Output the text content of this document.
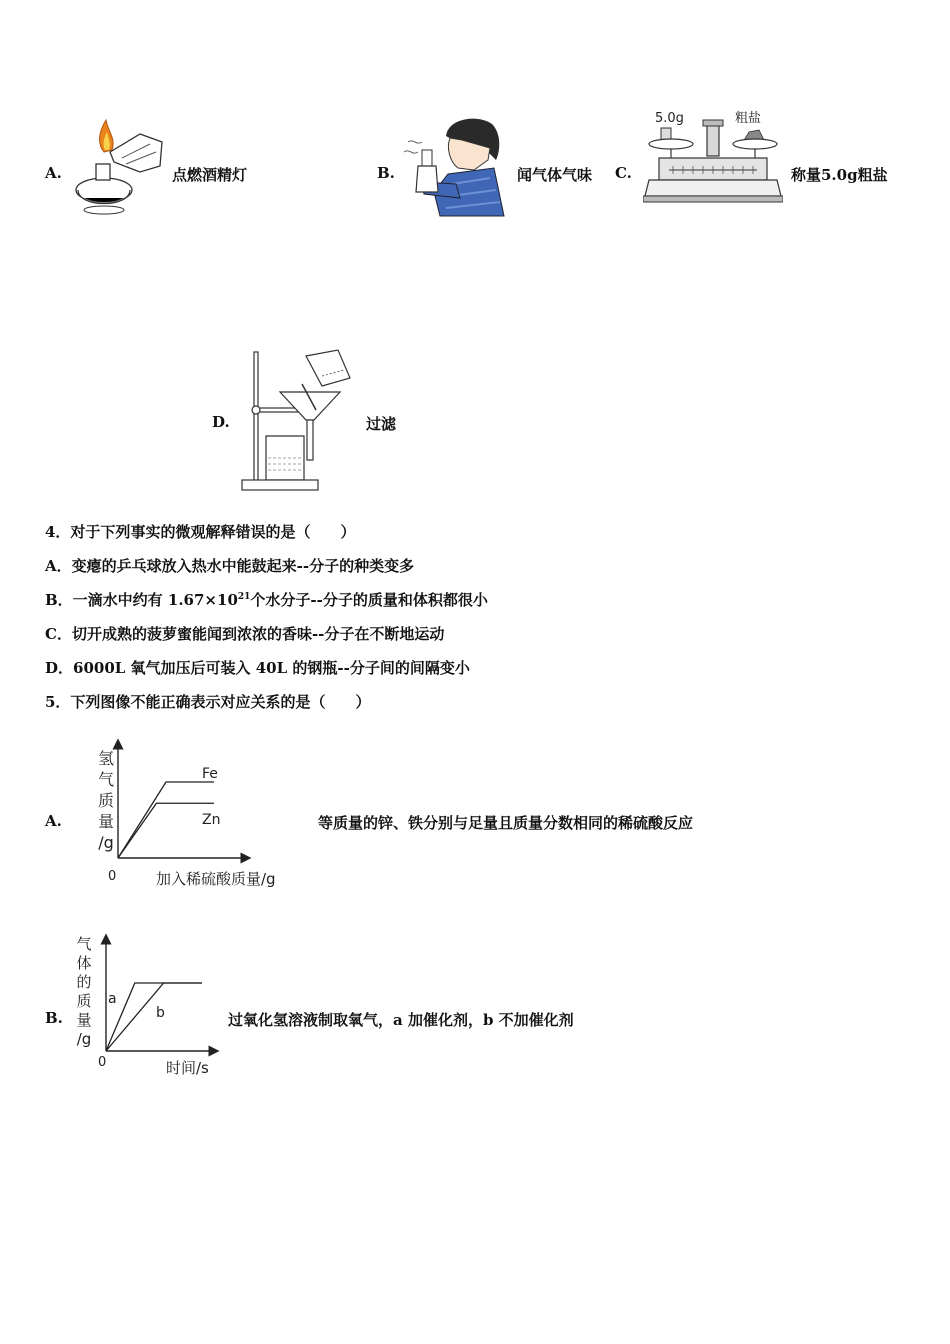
A.	点燃酒精灯	B.	闻气体气味 C.
5.0g	粗盐
称量5.0g粗盐
D.	过滤
4．对于下列事实的微观解释错误的是（　　）
A．变瘪的乒乓球放入热水中能鼓起来--分子的种类变多
B．一滴水中约有 $1.67\times 10^{21}$个水分子--分子的质量和体积都很小
C．切开成熟的菠萝蜜能闻到浓浓的香味--分子在不断地运动
D．6000L 氧气加压后可装入 40L 的钢瓶--分子间的间隔变小
5．下列图像不能正确表示对应关系的是（　　）
A.
氢
气
质
量
/g
Fe
Zn
0	加入稀硫酸质量/g
等质量的锌、铁分别与足量且质量分数相同的稀硫酸反应
B.
气
体
的
质
量
/g
a
b
0	时间/s
过氧化氢溶液制取氧气，a 加催化剂，b 不加催化剂
